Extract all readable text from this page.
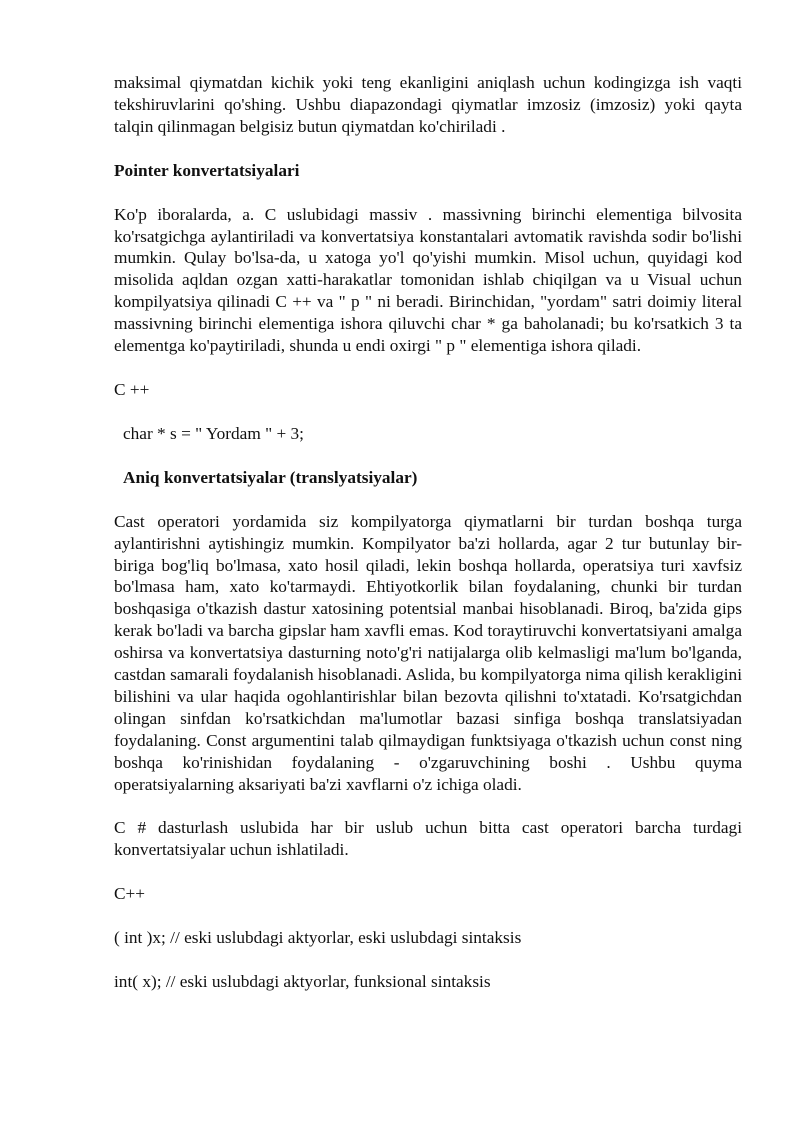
maksimal qiymatdan kichik yoki teng ekanligini aniqlash uchun kodingizga ish vaqti tekshiruvlarini qo'shing. Ushbu diapazondagi qiymatlar imzosiz (imzosiz) yoki qayta talqin qilinmagan belgisiz butun qiymatdan ko'chiriladi .

Pointer konvertatsiyalari

Ko'p iboralarda, a. C uslubidagi massiv . massivning birinchi elementiga bilvosita ko'rsatgichga aylantiriladi va konvertatsiya konstantalari avtomatik ravishda sodir bo'lishi mumkin. Qulay bo'lsa-da, u xatoga yo'l qo'yishi mumkin. Misol uchun, quyidagi kod misolida aqldan ozgan xatti-harakatlar tomonidan ishlab chiqilgan va u Visual uchun kompilyatsiya qilinadi C ++ va " p " ni beradi. Birinchidan, "yordam" satri doimiy literal massivning birinchi elementiga ishora qiluvchi char * ga baholanadi; bu ko'rsatkich 3 ta elementga ko'paytiriladi, shunda u endi oxirgi " p " elementiga ishora qiladi.

C ++

char * s = " Yordam " + 3;

Aniq konvertatsiyalar (translyatsiyalar)

Cast operatori yordamida siz kompilyatorga qiymatlarni bir turdan boshqa turga aylantirishni aytishingiz mumkin. Kompilyator ba'zi hollarda, agar 2 tur butunlay bir-biriga bog'liq bo'lmasa, xato hosil qiladi, lekin boshqa hollarda, operatsiya turi xavfsiz bo'lmasa ham, xato ko'tarmaydi. Ehtiyotkorlik bilan foydalaning, chunki bir turdan boshqasiga o'tkazish dastur xatosining potentsial manbai hisoblanadi. Biroq, ba'zida gips kerak bo'ladi va barcha gipslar ham xavfli emas. Kod toraytiruvchi konvertatsiyani amalga oshirsa va konvertatsiya dasturning noto'g'ri natijalarga olib kelmasligi ma'lum bo'lganda, castdan samarali foydalanish hisoblanadi. Aslida, bu kompilyatorga nima qilish kerakligini bilishini va ular haqida ogohlantirishlar bilan bezovta qilishni to'xtatadi. Ko'rsatgichdan olingan sinfdan ko'rsatkichdan ma'lumotlar bazasi sinfiga boshqa translatsiyadan foydalaning. Const argumentini talab qilmaydigan funktsiyaga o'tkazish uchun const ning boshqa ko'rinishidan foydalaning - o'zgaruvchining boshi . Ushbu quyma operatsiyalarning aksariyati ba'zi xavflarni o'z ichiga oladi.

C # dasturlash uslubida har bir uslub uchun bitta cast operatori barcha turdagi konvertatsiyalar uchun ishlatiladi.

C++

( int )x; // eski uslubdagi aktyorlar, eski uslubdagi sintaksis

int( x); // eski uslubdagi aktyorlar, funksional sintaksis
